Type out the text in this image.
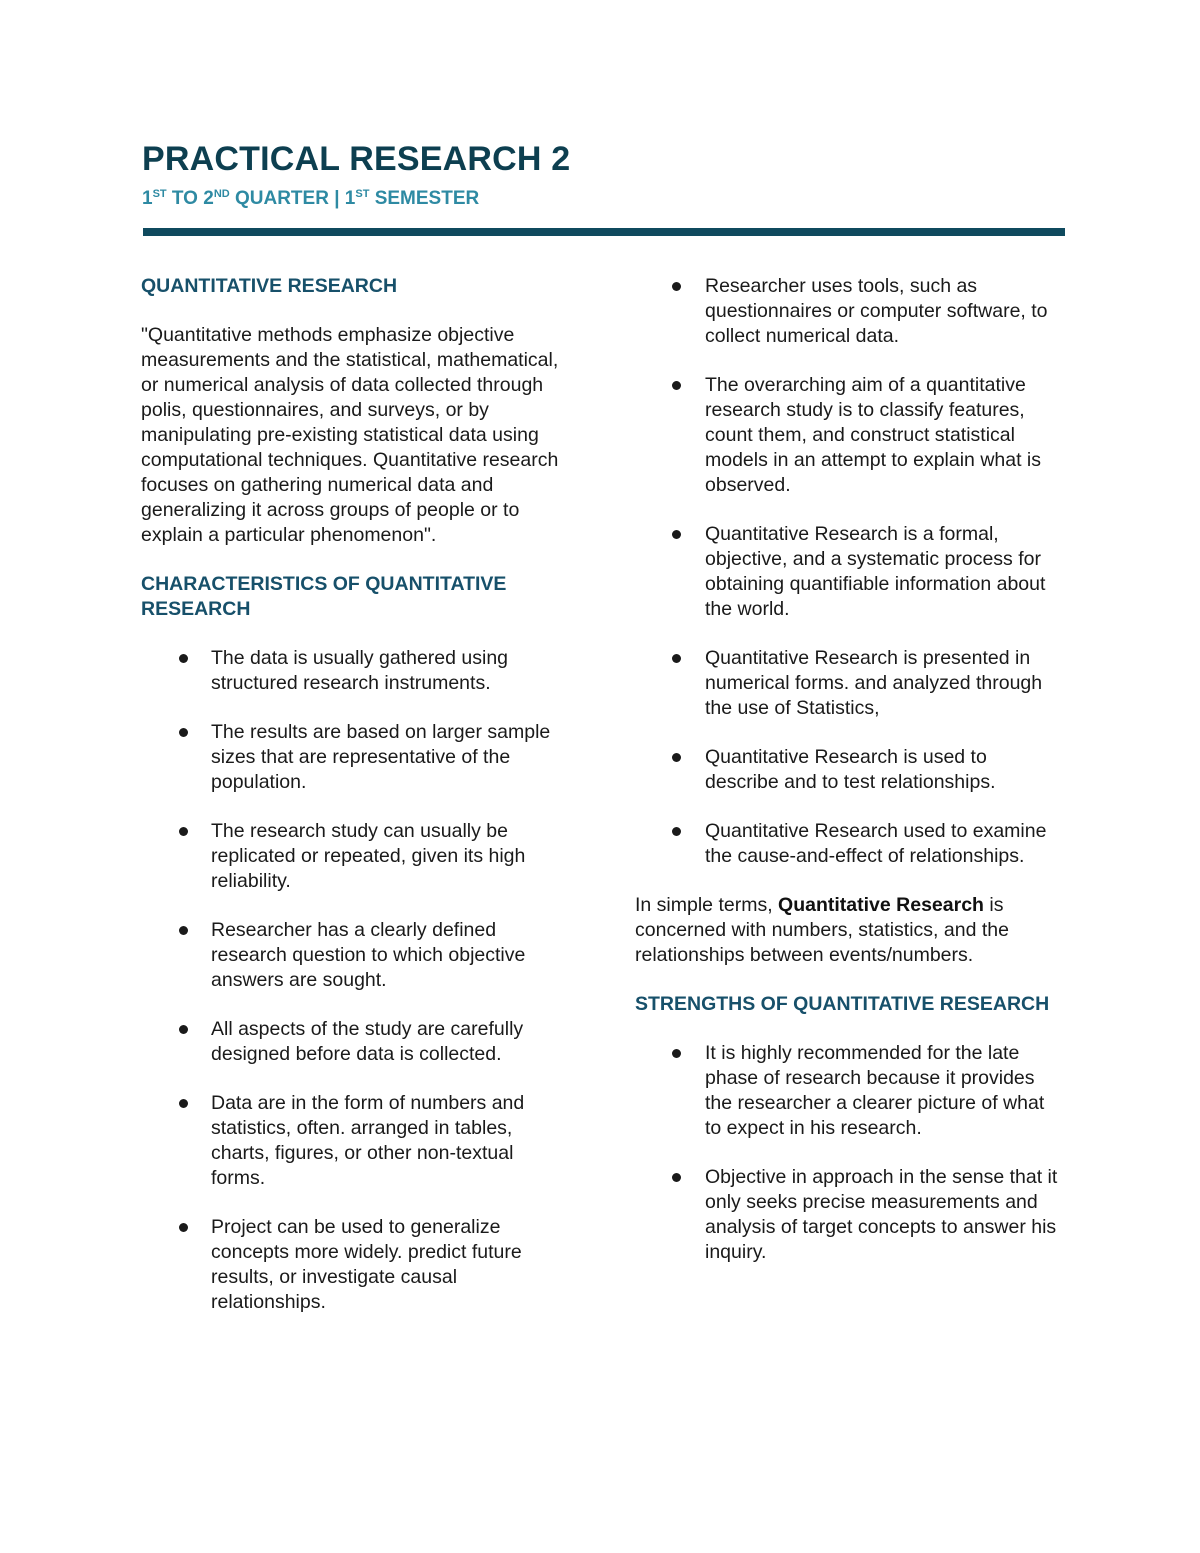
PRACTICAL RESEARCH 2
1ST TO 2ND QUARTER | 1ST SEMESTER
QUANTITATIVE RESEARCH

"Quantitative methods emphasize objective measurements and the statistical, mathematical, or numerical analysis of data collected through polis, questionnaires, and surveys, or by manipulating pre-existing statistical data using computational techniques. Quantitative research focuses on gathering numerical data and generalizing it across groups of people or to explain a particular phenomenon".

CHARACTERISTICS OF QUANTITATIVE RESEARCH
The data is usually gathered using structured research instruments.
The results are based on larger sample sizes that are representative of the population.
The research study can usually be replicated or repeated, given its high reliability.
Researcher has a clearly defined research question to which objective answers are sought.
All aspects of the study are carefully designed before data is collected.
Data are in the form of numbers and statistics, often. arranged in tables, charts, figures, or other non-textual forms.
Project can be used to generalize concepts more widely. predict future results, or investigate causal relationships.
Researcher uses tools, such as questionnaires or computer software, to collect numerical data.
The overarching aim of a quantitative research study is to classify features, count them, and construct statistical models in an attempt to explain what is observed.
Quantitative Research is a formal, objective, and a systematic process for obtaining quantifiable information about the world.
Quantitative Research is presented in numerical forms. and analyzed through the use of Statistics,
Quantitative Research is used to describe and to test relationships.
Quantitative Research used to examine the cause-and-effect of relationships.

In simple terms, Quantitative Research is concerned with numbers, statistics, and the relationships between events/numbers.

STRENGTHS OF QUANTITATIVE RESEARCH
It is highly recommended for the late phase of research because it provides the researcher a clearer picture of what to expect in his research.
Objective in approach in the sense that it only seeks precise measurements and analysis of target concepts to answer his inquiry.
